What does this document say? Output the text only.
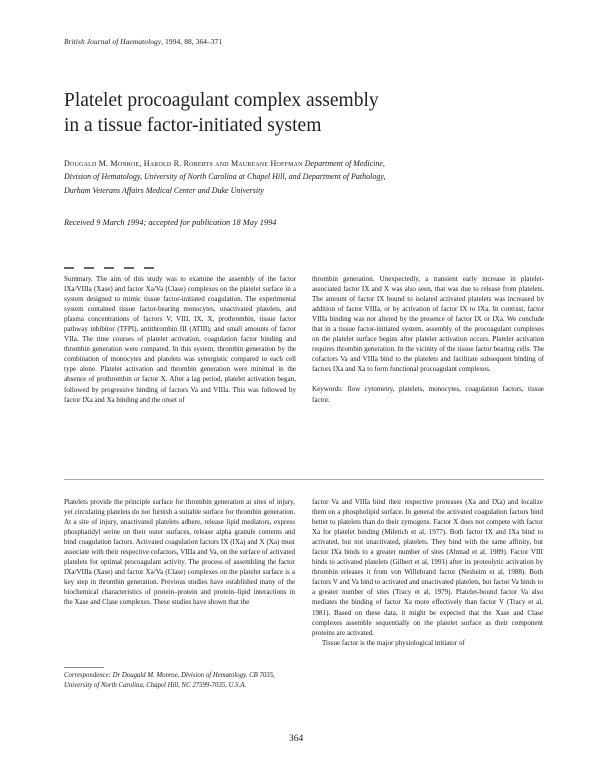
British Journal of Haematology, 1994, 88, 364–371
Platelet procoagulant complex assembly
in a tissue factor-initiated system
Dougald M. Monroe, Harold R. Roberts and Maureane Hoffman Department of Medicine,
Division of Hematology, University of North Carolina at Chapel Hill, and Department of Pathology,
Durham Veterans Affairs Medical Center and Duke University
Received 9 March 1994; accepted for publication 18 May 1994

Summary. The aim of this study was to examine the assembly of the factor IXa/VIIIa (Xase) and factor Xa/Va (Clase) complexes on the platelet surface in a system designed to mimic tissue factor-initiated coagulation. The experimental system contained tissue factor-bearing monocytes, unactivated platelets, and plasma concentrations of factors V, VIII, IX, X, prothrombin, tissue factor pathway inhibitor (TFPI), antithrombin III (ATIII), and small amounts of factor VIIa. The time courses of platelet activation, coagulation factor binding and thrombin generation were compared. In this system, thrombin generation by the combination of monocytes and platelets was synergistic compared to each cell type alone. Platelet activation and thrombin generation were minimal in the absence of prothrombin or factor X. After a lag period, platelet activation began, followed by progressive binding of factors Va and VIIIa. This was followed by factor IXa and Xa binding and the onset of

thrombin generation. Unexpectedly, a transient early increase in platelet-associated factor IX and X was also seen, that was due to release from platelets. The amount of factor IX bound to isolated activated platelets was increased by addition of factor VIIIa, or by activation of factor IX to IXa. In contrast, factor VIIIa binding was not altered by the presence of factor IX or IXa. We conclude that in a tissue factor-initiated system, assembly of the procoagulant complexes on the platelet surface begins after platelet activation occurs. Platelet activation requires thrombin generation. In the vicinity of the tissue factor bearing cells. The cofactors Va and VIIIa bind to the platelets and facilitate subsequent binding of factors IXa and Xa to form functional procoagulant complexes.

Keywords: flow cytometry, platelets, monocytes, coagulation factors, tissue factor.

Platelets provide the principle surface for thrombin generation at sites of injury, yet circulating platelets do not furnish a suitable surface for thrombin generation. At a site of injury, unactivated platelets adhere, release lipid mediators, express phosphatidyl serine on their outer surfaces, release alpha granule contents and bind coagulation factors. Activated coagulation factors IX (IXa) and X (Xa) must associate with their respective cofactors, VIIIa and Va, on the surface of activated platelets for optimal procoagulant activity. The process of assembling the factor IXa/VIIIa (Xase) and factor Xa/Va (Clase) complexes on the platelet surface is a key step in thrombin generation. Previous studies have established many of the biochemical characteristics of protein–protein and protein–lipid interactions in the Xase and Clase complexes. These studies have shown that the

factor Va and VIIIa bind their respective proteases (Xa and IXa) and localize them on a phospholipid surface. In general the activated coagulation factors bind better to platelets than do their zymogens. Factor X does not compete with factor Xa for platelet binding (Miletich et al, 1977). Both factor IX and IXa bind to activated, but not unactivated, platelets. They bind with the same affinity, but factor IXa binds to a greater number of sites (Ahmad et al, 1989). Factor VIII binds to activated platelets (Gilbert et al, 1991) after its proteolytic activation by thrombin releases it from von Willebrand factor (Nesheim et al, 1988). Both factors V and Va bind to activated and unactivated platelets, but factor Va binds to a greater number of sites (Tracy et al, 1979). Platelet-bound factor Va also mediates the binding of factor Xa more effectively than factor V (Tracy et al, 1981). Based on these data, it might be expected that the Xase and Clase complexes assemble sequentially on the platelet surface as their component proteins are activated.

Tissue factor is the major physiological initiator of

Correspondence: Dr Dougald M. Monroe, Division of Hematology, CB 7035, University of North Carolina, Chapel Hill, NC 27599-7035, U.S.A.
364
